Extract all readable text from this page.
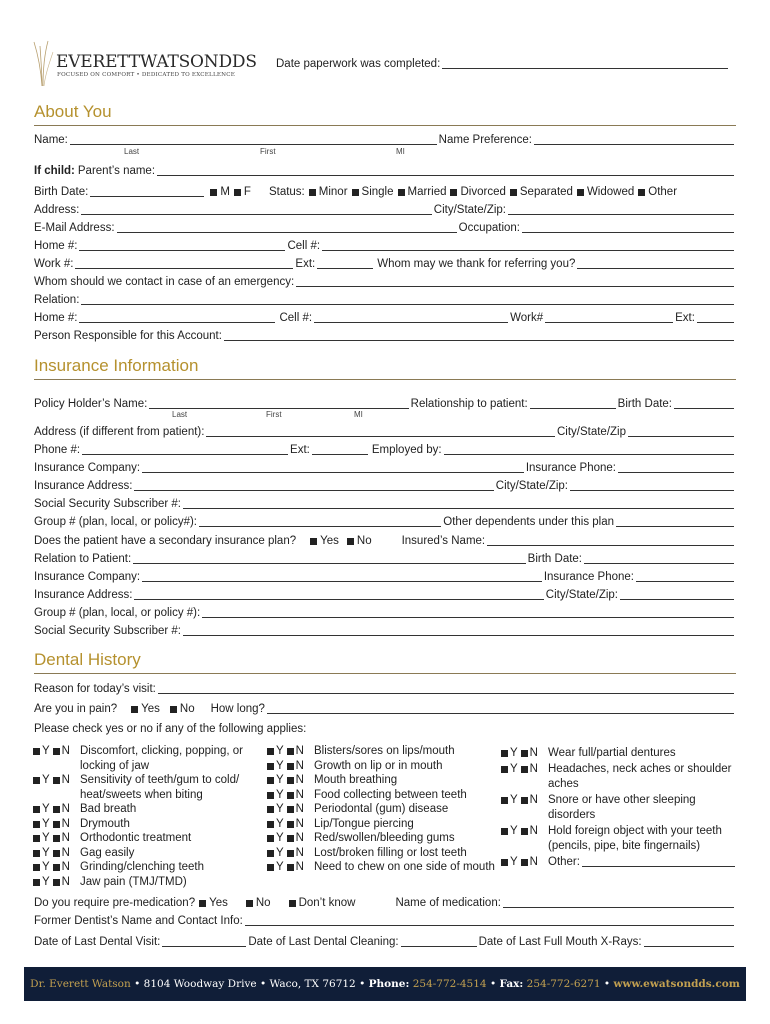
EVERETTWATSONDDS
FOCUSED ON COMFORT • DEDICATED TO EXCELLENCE
Date paperwork was completed:
About You
Name:	Name Preference:
Last	First	MI
If child: Parent’s name:
Birth Date:	M F Status: Minor Single Married Divorced Separated Widowed Other
Address:	City/State/Zip:
E-Mail Address:	Occupation:
Home #:	Cell #:
Work #:	Ext:	Whom may we thank for referring you?
Whom should we contact in case of an emergency:
Relation:
Home #:	Cell #:	Work#	Ext:
Person Responsible for this Account:
Insurance Information
Policy Holder’s Name:	Relationship to patient:	Birth Date:
Last	First	MI
Address (if different from patient):	City/State/Zip
Phone #:	Ext:	Employed by:
Insurance Company:	Insurance Phone:
Insurance Address:	City/State/Zip:
Social Security Subscriber #:
Group # (plan, local, or policy#):	Other dependents under this plan
Does the patient have a secondary insurance plan? Yes No	Insured’s Name:
Relation to Patient:	Birth Date:
Insurance Company:	Insurance Phone:
Insurance Address:	City/State/Zip:
Group # (plan, local, or policy #):
Social Security Subscriber #:
Dental History
Reason for today’s visit:
Are you in pain? Yes No How long?
Please check yes or no if any of the following applies:
Y N Discomfort, clicking, popping, or locking of jaw
Y N Sensitivity of teeth/gum to cold/ heat/sweets when biting
Y N Bad breath
Y N Drymouth
Y N Orthodontic treatment
Y N Gag easily
Y N Grinding/clenching teeth
Y N Jaw pain (TMJ/TMD)
Y N Blisters/sores on lips/mouth
Y N Growth on lip or in mouth
Y N Mouth breathing
Y N Food collecting between teeth
Y N Periodontal (gum) disease
Y N Lip/Tongue piercing
Y N Red/swollen/bleeding gums
Y N Lost/broken filling or lost teeth
Y N Need to chew on one side of mouth
Y N Wear full/partial dentures
Y N Headaches, neck aches or shoulder aches
Y N Snore or have other sleeping disorders
Y N Hold foreign object with your teeth (pencils, pipe, bite fingernails)
Y N Other:
Do you require pre-medication? Yes No Don’t know	Name of medication:
Former Dentist’s Name and Contact Info:
Date of Last Dental Visit:	Date of Last Dental Cleaning:	Date of Last Full Mouth X-Rays:
Dr. Everett Watson • 8104 Woodway Drive • Waco, TX 76712 • Phone:
254-772-4514 • Fax:
254-772-6271 • www.ewatsondds.com
